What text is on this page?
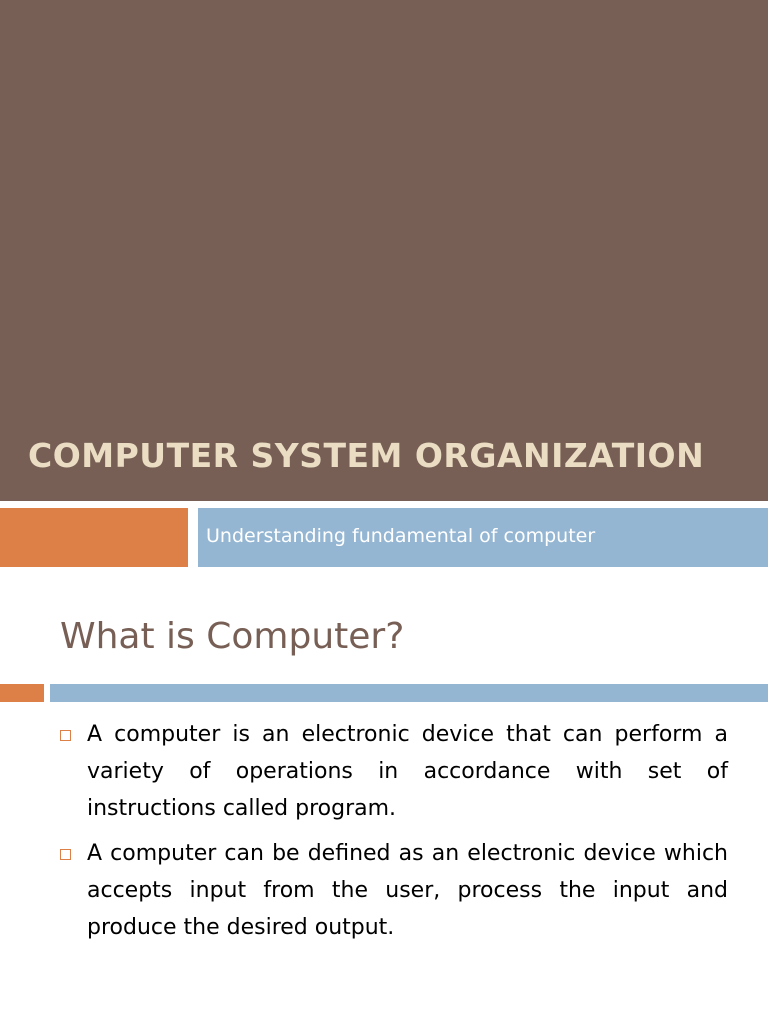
COMPUTER SYSTEM ORGANIZATION

Understanding fundamental of computer

What is Computer?
A computer is an electronic device that can perform a variety of operations in accordance with set of instructions called program.
A computer can be defined as an electronic device which accepts input from the user, process the input and produce the desired output.
